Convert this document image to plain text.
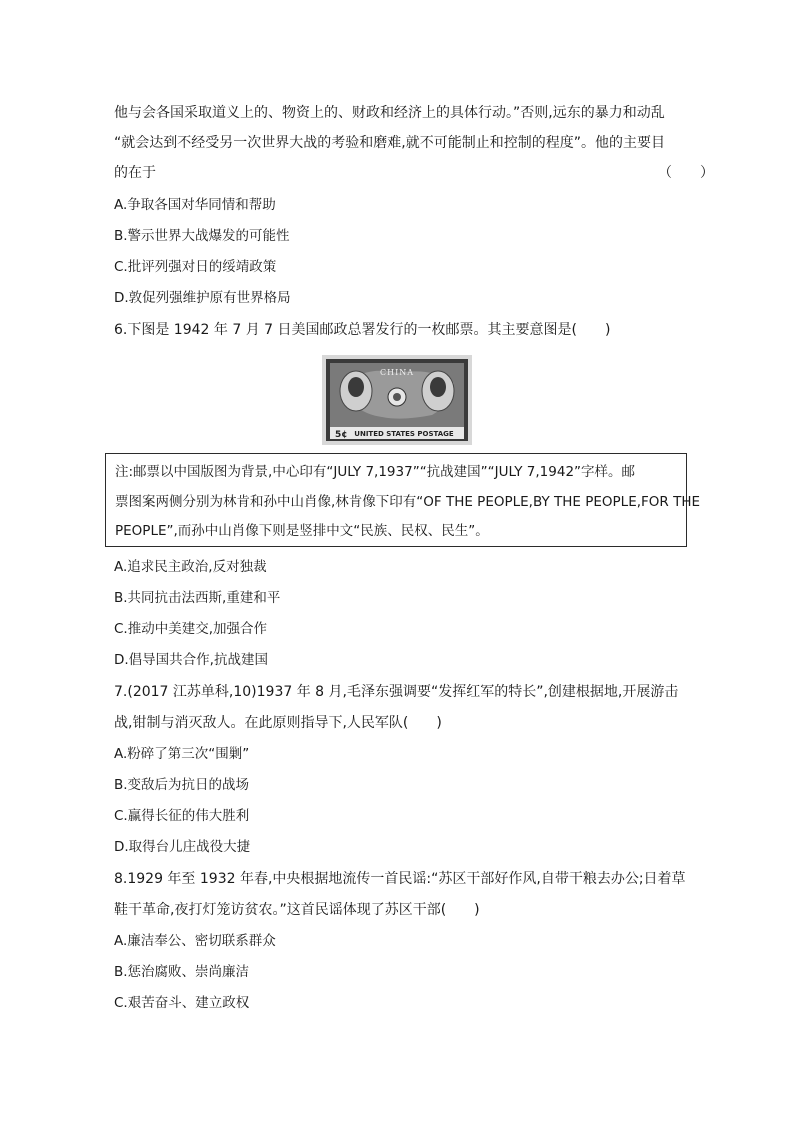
他与会各国采取道义上的、物资上的、财政和经济上的具体行动。”否则,远东的暴力和动乱
“就会达到不经受另一次世界大战的考验和磨难,就不可能制止和控制的程度”。他的主要目
的在于	（　　）
A.争取各国对华同情和帮助
B.警示世界大战爆发的可能性
C.批评列强对日的绥靖政策
D.敦促列强维护原有世界格局
6.下图是 1942 年 7 月 7 日美国邮政总署发行的一枚邮票。其主要意图是(　　)
CHINA
5¢ UNITED STATES POSTAGE
注:邮票以中国版图为背景,中心印有“JULY 7,1937”“抗战建国”“JULY 7,1942”字样。邮
票图案两侧分别为林肯和孙中山肖像,林肯像下印有“OF THE PEOPLE,BY THE PEOPLE,FOR THE
PEOPLE”,而孙中山肖像下则是竖排中文“民族、民权、民生”。
A.追求民主政治,反对独裁
B.共同抗击法西斯,重建和平
C.推动中美建交,加强合作
D.倡导国共合作,抗战建国
7.(2017 江苏单科,10)1937 年 8 月,毛泽东强调要“发挥红军的特长”,创建根据地,开展游击
战,钳制与消灭敌人。在此原则指导下,人民军队(　　)
A.粉碎了第三次“围剿”
B.变敌后为抗日的战场
C.赢得长征的伟大胜利
D.取得台儿庄战役大捷
8.1929 年至 1932 年春,中央根据地流传一首民谣:“苏区干部好作风,自带干粮去办公;日着草
鞋干革命,夜打灯笼访贫农。”这首民谣体现了苏区干部(　　)
A.廉洁奉公、密切联系群众
B.惩治腐败、崇尚廉洁
C.艰苦奋斗、建立政权
